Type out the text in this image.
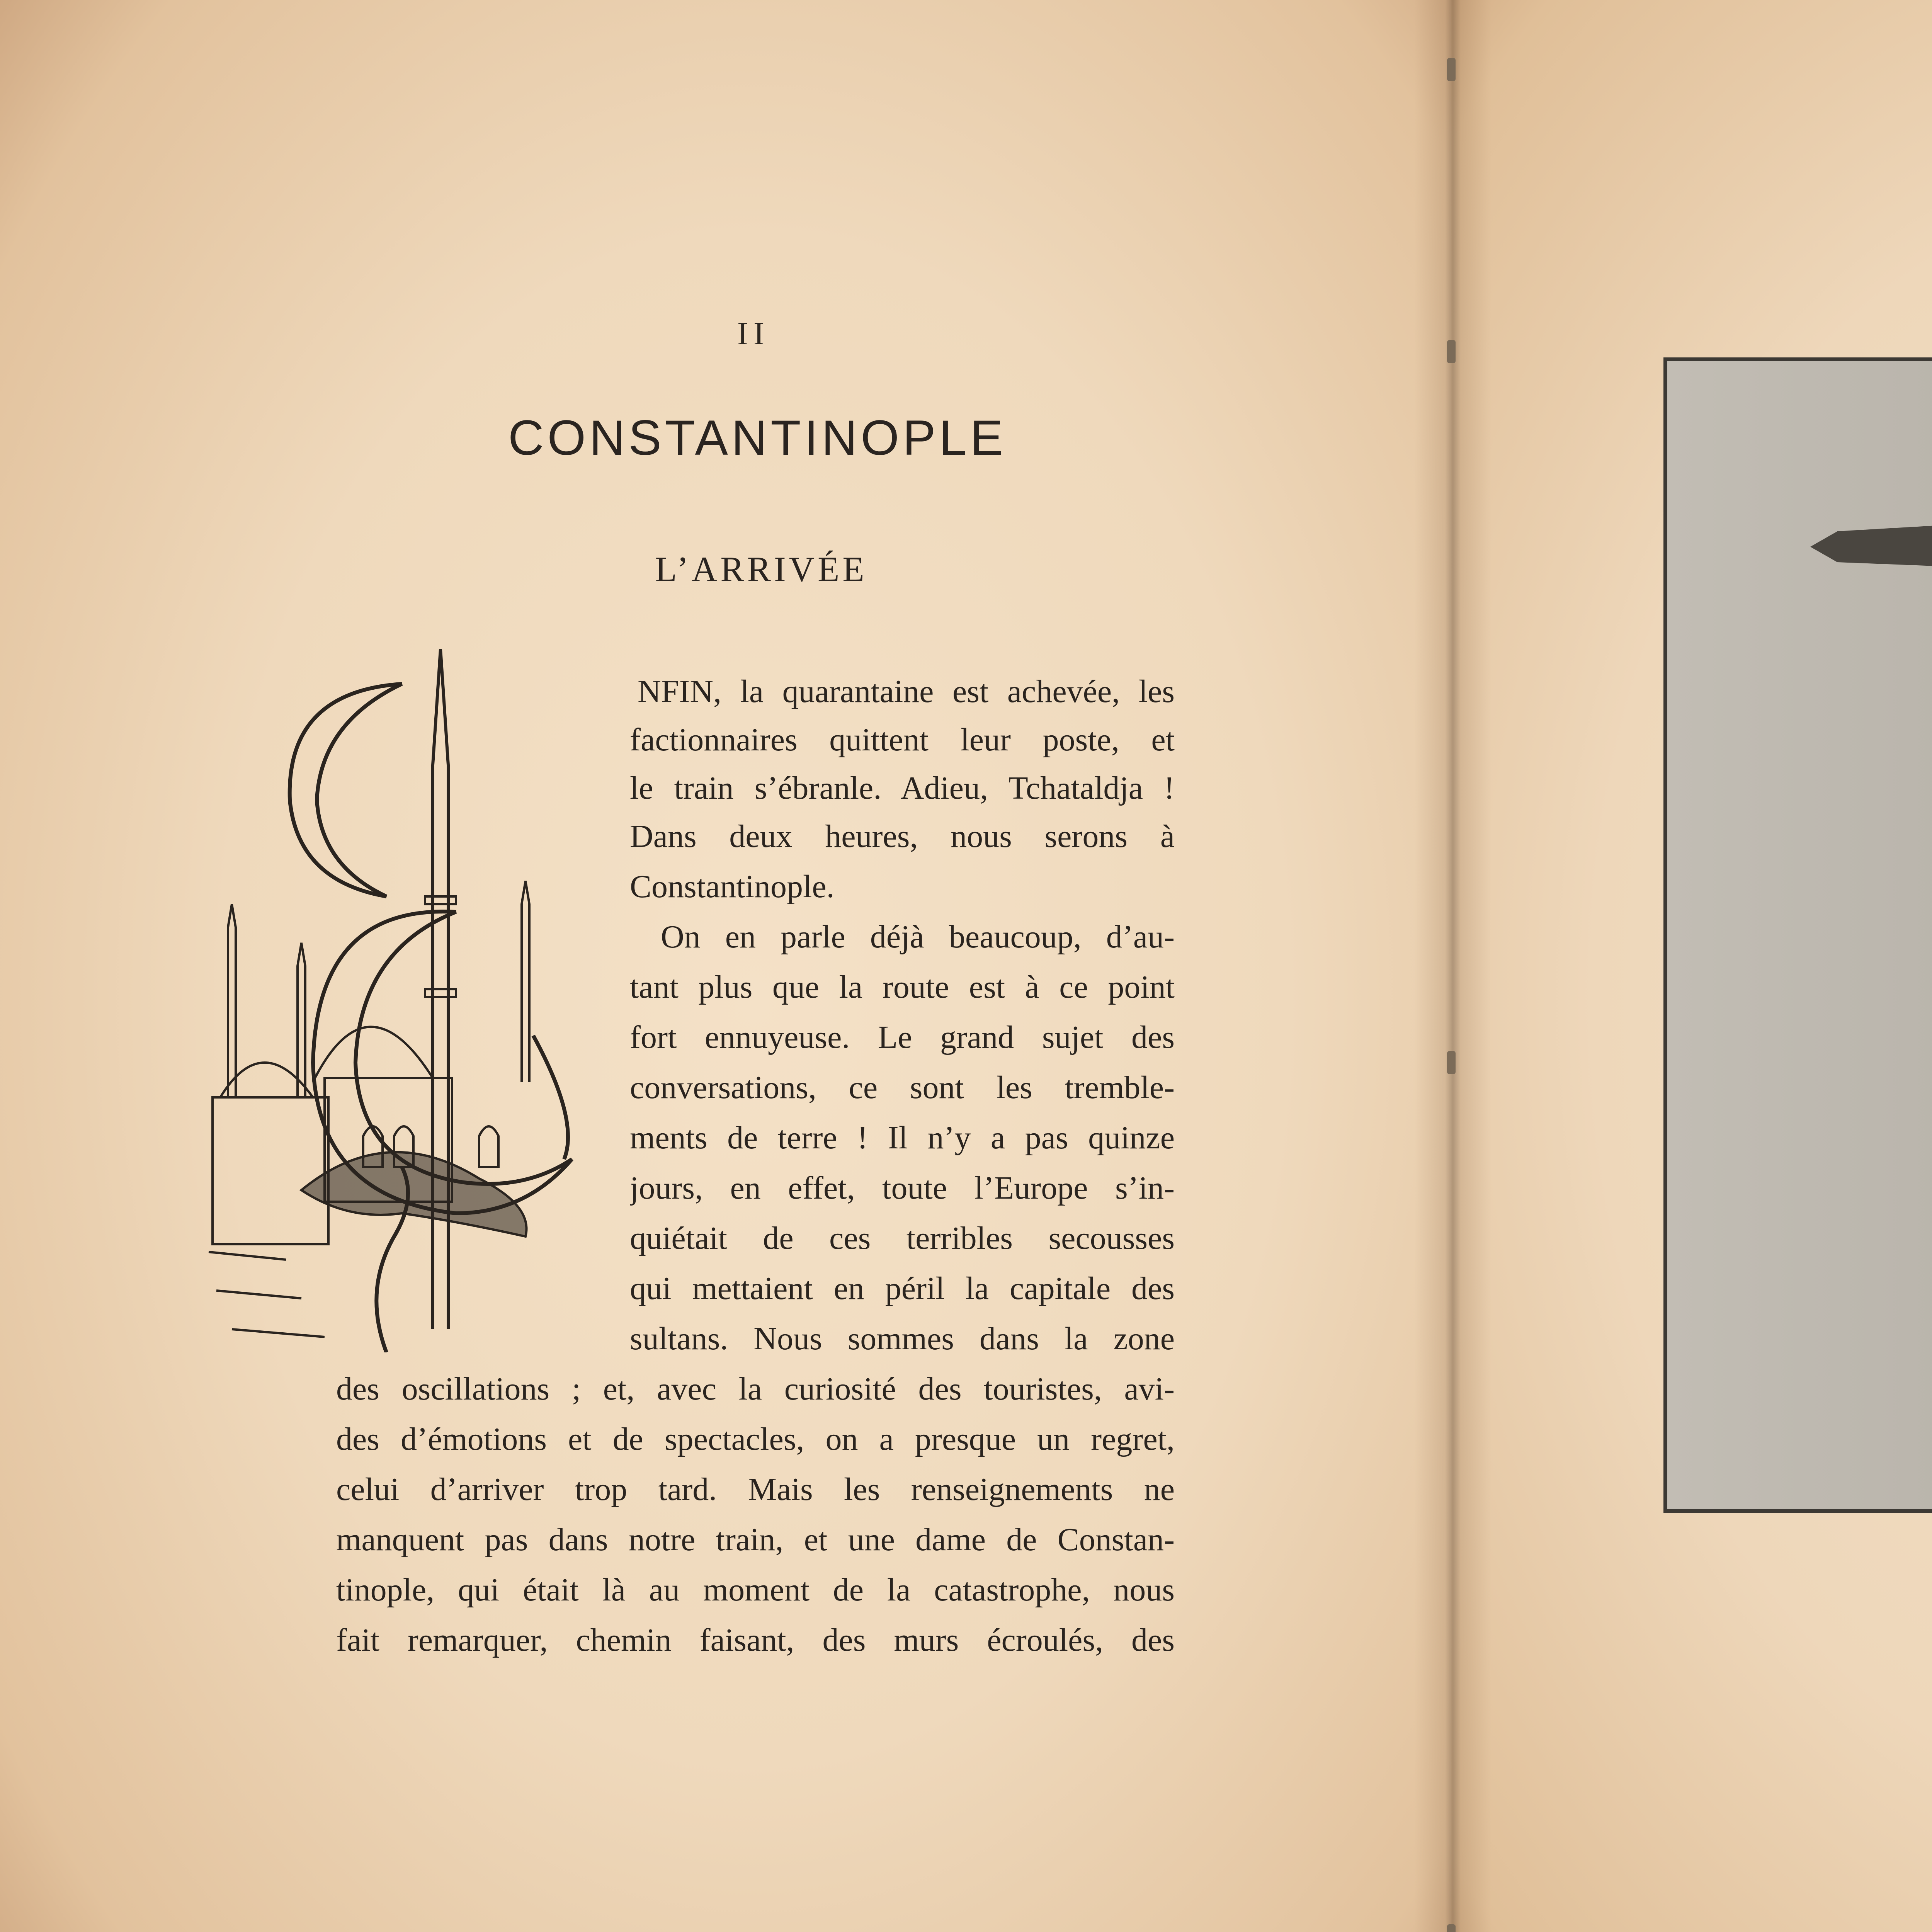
II
CONSTANTINOPLE
L’ARRIVÉE
NFIN, la quarantaine est achevée, les
factionnaires quittent leur poste, et
le train s’ébranle. Adieu, Tchataldja !
Dans deux heures, nous serons à
Constantinople.
On en parle déjà beaucoup, d’au-
tant plus que la route est à ce point
fort ennuyeuse. Le grand sujet des
conversations, ce sont les tremble-
ments de terre ! Il n’y a pas quinze
jours, en effet, toute l’Europe s’in-
quiétait de ces terribles secousses
qui mettaient en péril la capitale des
sultans. Nous sommes dans la zone
des oscillations ; et, avec la curiosité des touristes, avi-
des d’émotions et de spectacles, on a presque un regret,
celui d’arriver trop tard. Mais les renseignements ne
manquent pas dans notre train, et une dame de Constan-
tinople, qui était là au moment de la catastrophe, nous
fait remarquer, chemin faisant, des murs écroulés, des
